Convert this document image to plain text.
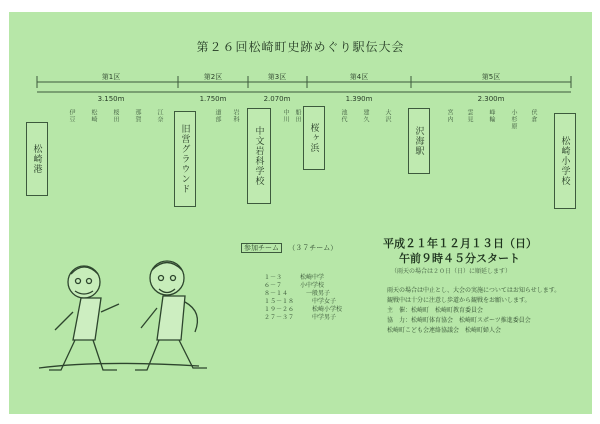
第２６回松崎町史跡めぐり駅伝大会
第1区
3.150m
第2区
1.750m
第3区
2.070m
第4区
1.390m
第5区
2.300m
松崎港	旧営グラウンド	中文岩科学校	桜ヶ浜	沢海駅	松崎小学校
伊豆	松崎	桜田	那賀	江奈	道部 岩科	中川 船田	池代	建久	大沢	宮内 雲見	峰輪	小杉原 伏倉
参加チーム （３７チーム）
１－３	松崎中学
６－７	小中学校
８－１４	一般男子
１５－１８	中学女子
１９－２６	松崎小学校
２７－３７	中学男子
平成２１年１２月１３日（日）
午前９時４５分スタート
（雨天の場合は２０日（日）に順延します）
雨天の場合は中止とし、大会の実施についてはお知らせします。
観戦中は十分に注意し歩道から観戦をお願いします。
主　催：松崎町　松崎町教育委員会
協　力：松崎町体育協会　松崎町スポーツ推進委員会
松崎町こども会連絡協議会　松崎町婦人会
